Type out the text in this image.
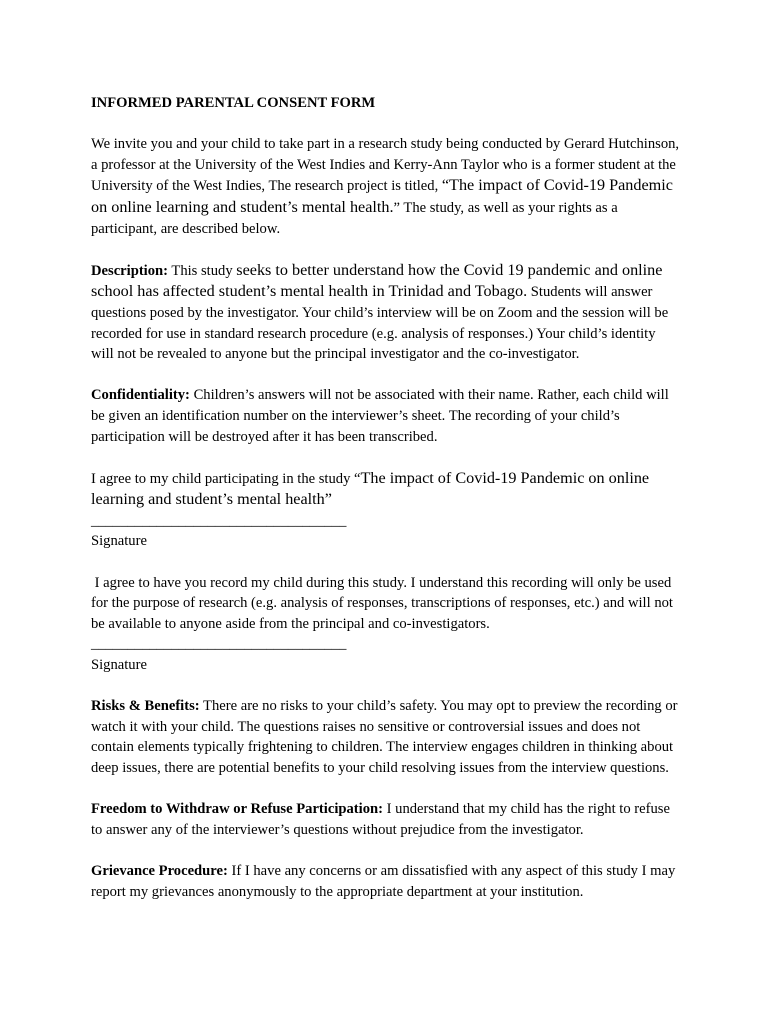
INFORMED PARENTAL CONSENT FORM

We invite you and your child to take part in a research study being conducted by Gerard Hutchinson, a professor at the University of the West Indies and Kerry-Ann Taylor who is a former student at the University of the West Indies, The research project is titled, “The impact of Covid-19 Pandemic on online learning and student’s mental health.” The study, as well as your rights as a participant, are described below.

Description: This study seeks to better understand how the Covid 19 pandemic and online school has affected student’s mental health in Trinidad and Tobago. Students will answer questions posed by the investigator. Your child’s interview will be on Zoom and the session will be recorded for use in standard research procedure (e.g. analysis of responses.) Your child’s identity will not be revealed to anyone but the principal investigator and the co-investigator.

Confidentiality: Children’s answers will not be associated with their name. Rather, each child will be given an identification number on the interviewer’s sheet. The recording of your child’s participation will be destroyed after it has been transcribed.

I agree to my child participating in the study “The impact of Covid-19 Pandemic on online learning and student’s mental health”
___________________________________
Signature
I agree to have you record my child during this study. I understand this recording will only be used for the purpose of research (e.g. analysis of responses, transcriptions of responses, etc.) and will not be available to anyone aside from the principal and co-investigators.
___________________________________
Signature

Risks & Benefits: There are no risks to your child’s safety. You may opt to preview the recording or watch it with your child. The questions raises no sensitive or controversial issues and does not contain elements typically frightening to children. The interview engages children in thinking about deep issues, there are potential benefits to your child resolving issues from the interview questions.

Freedom to Withdraw or Refuse Participation: I understand that my child has the right to refuse to answer any of the interviewer’s questions without prejudice from the investigator.

Grievance Procedure: If I have any concerns or am dissatisfied with any aspect of this study I may report my grievances anonymously to the appropriate department at your institution.
